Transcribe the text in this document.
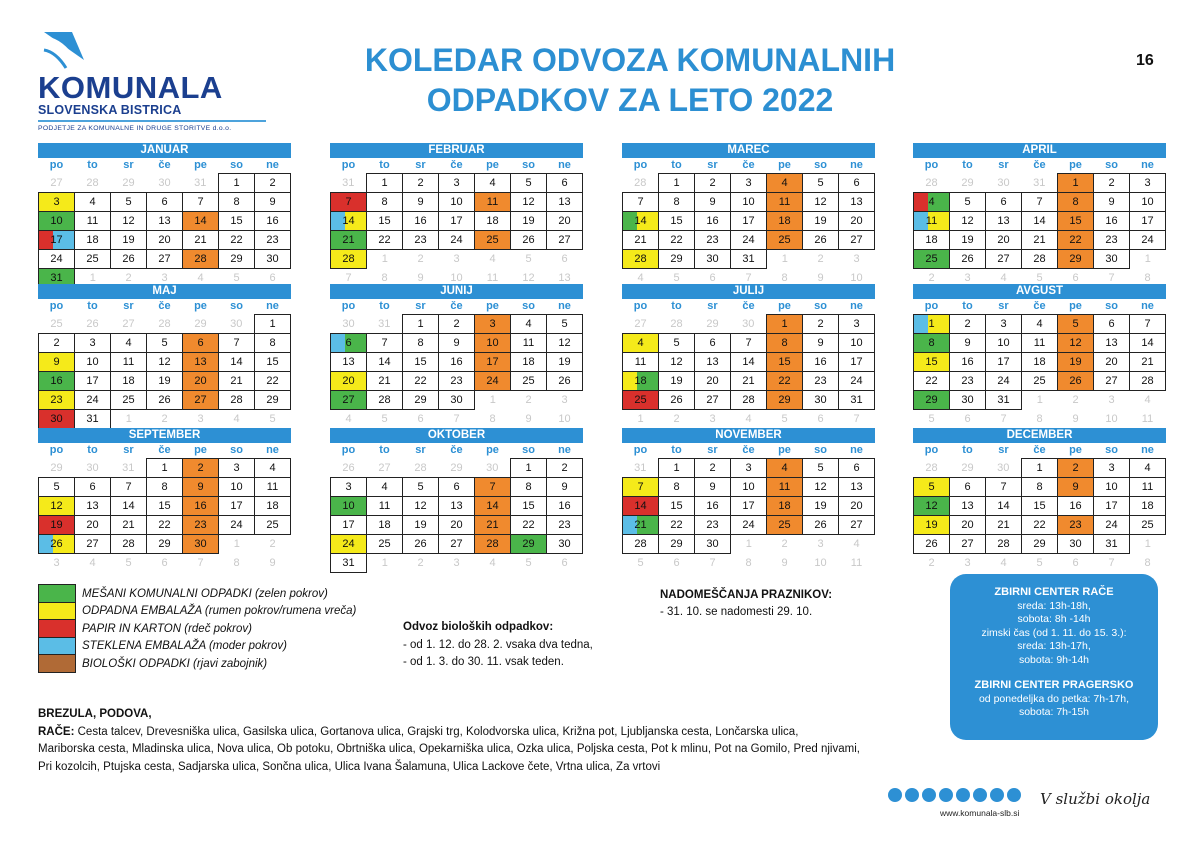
KOMUNALA
SLOVENSKA BISTRICA
PODJETJE ZA KOMUNALNE IN DRUGE STORITVE d.o.o.
KOLEDAR ODVOZA KOMUNALNIH
ODPADKOV ZA LETO 2022
16
JANUAR
po	to	sr	če	pe	so	ne
27	28	29	30	31	1	2
3	4	5	6	7	8	9
10	11	12	13	14	15	16

17	18	19	20	21	22	23
24	25	26	27	28	29	30
31	1	2	3	4	5	6
FEBRUAR
po	to	sr	če	pe	so	ne
31	1	2	3	4	5	6
7	8	9	10	11	12	13

14	15	16	17	18	19	20
21	22	23	24	25	26	27
28	1	2	3	4	5	6
7	8	9	10	11	12	13
MAREC
po	to	sr	če	pe	so	ne
28	1	2	3	4	5	6
7	8	9	10	11	12	13

14	15	16	17	18	19	20
21	22	23	24	25	26	27
28	29	30	31	1	2	3
4	5	6	7	8	9	10
APRIL
po	to	sr	če	pe	so	ne
28	29	30	31	1	2	3

4	5	6	7	8	9	10

11	12	13	14	15	16	17
18	19	20	21	22	23	24
25	26	27	28	29	30	1
2	3	4	5	6	7	8
MAJ
po	to	sr	če	pe	so	ne
25	26	27	28	29	30	1
2	3	4	5	6	7	8
9	10	11	12	13	14	15
16	17	18	19	20	21	22
23	24	25	26	27	28	29
30	31	1	2	3	4	5
JUNIJ
po	to	sr	če	pe	so	ne
30	31	1	2	3	4	5

6	7	8	9	10	11	12
13	14	15	16	17	18	19
20	21	22	23	24	25	26
27	28	29	30	1	2	3
4	5	6	7	8	9	10
JULIJ
po	to	sr	če	pe	so	ne
27	28	29	30	1	2	3
4	5	6	7	8	9	10
11	12	13	14	15	16	17

18	19	20	21	22	23	24
25	26	27	28	29	30	31
1	2	3	4	5	6	7
AVGUST
po	to	sr	če	pe	so	ne

1	2	3	4	5	6	7
8	9	10	11	12	13	14
15	16	17	18	19	20	21
22	23	24	25	26	27	28
29	30	31	1	2	3	4
5	6	7	8	9	10	11
SEPTEMBER
po	to	sr	če	pe	so	ne
29	30	31	1	2	3	4
5	6	7	8	9	10	11
12	13	14	15	16	17	18
19	20	21	22	23	24	25

26	27	28	29	30	1	2
3	4	5	6	7	8	9
OKTOBER
po	to	sr	če	pe	so	ne
26	27	28	29	30	1	2
3	4	5	6	7	8	9
10	11	12	13	14	15	16
17	18	19	20	21	22	23
24	25	26	27	28	29	30
31	1	2	3	4	5	6
NOVEMBER
po	to	sr	če	pe	so	ne
31	1	2	3	4	5	6
7	8	9	10	11	12	13
14	15	16	17	18	19	20

21	22	23	24	25	26	27
28	29	30	1	2	3	4
5	6	7	8	9	10	11
DECEMBER
po	to	sr	če	pe	so	ne
28	29	30	1	2	3	4
5	6	7	8	9	10	11
12	13	14	15	16	17	18
19	20	21	22	23	24	25
26	27	28	29	30	31	1
2	3	4	5	6	7	8
MEŠANI KOMUNALNI ODPADKI (zelen pokrov)
ODPADNA EMBALAŽA (rumen pokrov/rumena vreča)
PAPIR IN KARTON (rdeč pokrov)
STEKLENA EMBALAŽA (moder pokrov)
BIOLOŠKI ODPADKI (rjavi zabojnik)
Odvoz bioloških odpadkov:
- od 1. 12. do 28. 2. vsaka dva tedna,
- od 1. 3. do 30. 11. vsak teden.
NADOMEŠČANJA PRAZNIKOV:
- 31. 10. se nadomesti 29. 10.
ZBIRNI CENTER RAČE
sreda: 13h-18h,
sobota: 8h -14h
zimski čas (od 1. 11. do 15. 3.):
sreda: 13h-17h,
sobota: 9h-14h
ZBIRNI CENTER PRAGERSKO
od ponedeljka do petka: 7h-17h,
sobota: 7h-15h
BREZULA, PODOVA,
RAČE: Cesta talcev, Drevesniška ulica, Gasilska ulica, Gortanova ulica, Grajski trg, Kolodvorska ulica, Križna pot, Ljubljanska cesta, Lončarska ulica,
Mariborska cesta, Mladinska ulica, Nova ulica, Ob potoku, Obrtniška ulica, Opekarniška ulica, Ozka ulica, Poljska cesta, Pot k mlinu, Pot na Gomilo, Pred njivami,
Pri kozolcih, Ptujska cesta, Sadjarska ulica, Sončna ulica, Ulica Ivana Šalamuna, Ulica Lackove čete, Vrtna ulica, Za vrtovi
www.komunala-slb.si
V službi okolja
